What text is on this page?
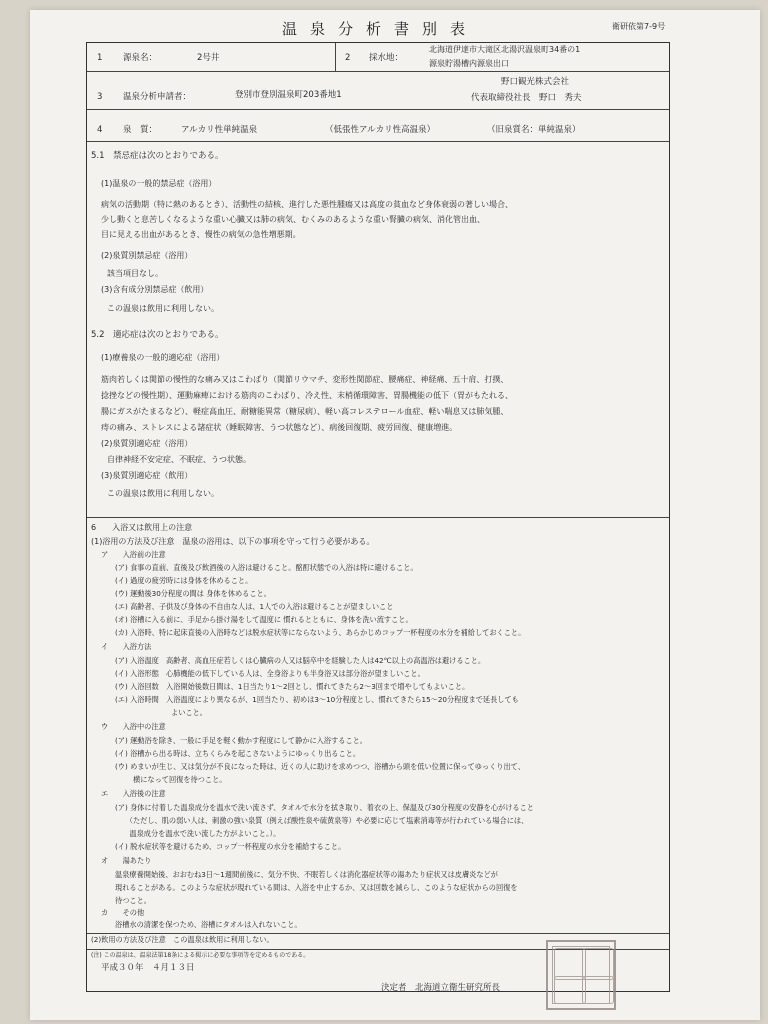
温泉分析書別表	衛研依第7-9号
1 源泉名：	2号井	2 採水地：
北海道伊達市大滝区北湯沢温泉町34番の1
源泉貯湯槽内源泉出口
3 温泉分析申請者：	登別市登別温泉町203番地1
野口観光株式会社
代表取締役社長　野口　秀夫
4 泉　質：	アルカリ性単純温泉	（低張性アルカリ性高温泉）	（旧泉質名：単純温泉）
5.1　禁忌症は次のとおりである。
(1)温泉の一般的禁忌症（浴用）
病気の活動期（特に熱のあるとき）、活動性の結核、進行した悪性腫瘍又は高度の貧血など身体衰弱の著しい場合、
少し動くと息苦しくなるような重い心臓又は肺の病気、むくみのあるような重い腎臓の病気、消化管出血、
目に見える出血があるとき、慢性の病気の急性増悪期。
(2)泉質別禁忌症（浴用）
該当項目なし。
(3)含有成分別禁忌症（飲用）
この温泉は飲用に利用しない。
5.2　適応症は次のとおりである。
(1)療養泉の一般的適応症（浴用）
筋肉若しくは関節の慢性的な痛み又はこわばり（関節リウマチ、変形性関節症、腰痛症、神経痛、五十肩、打撲、
捻挫などの慢性期）、運動麻痺における筋肉のこわばり、冷え性、末梢循環障害、胃腸機能の低下（胃がもたれる、
腸にガスがたまるなど）、軽症高血圧、耐糖能異常（糖尿病）、軽い高コレステロール血症、軽い喘息又は肺気腫、
痔の痛み、ストレスによる諸症状（睡眠障害、うつ状態など）、病後回復期、疲労回復、健康増進。
(2)泉質別適応症（浴用）
自律神経不安定症、不眠症、うつ状態。
(3)泉質別適応症（飲用）
この温泉は飲用に利用しない。
6　　入浴又は飲用上の注意
(1)浴用の方法及び注意　温泉の浴用は、以下の事項を守って行う必要がある。
ア　　入浴前の注意
(ア) 食事の直前、直後及び飲酒後の入浴は避けること。酩酊状態での入浴は特に避けること。
(イ) 過度の疲労時には身体を休めること。
(ウ) 運動後30分程度の間は 身体を休めること。
(エ) 高齢者、子供及び身体の不自由な人は、1人での入浴は避けることが望ましいこと
(オ) 浴槽に入る前に、手足から掛け湯をして温度に 慣れるとともに、身体を洗い流すこと。
(カ) 入浴時、特に起床直後の入浴時などは脱水症状等にならないよう、あらかじめコップ一杯程度の水分を補給しておくこと。
イ　　入浴方法
(ア) 入浴温度　高齢者、高血圧症若しくは心臓病の人又は脳卒中を経験した人は42℃以上の高温浴は避けること。
(イ) 入浴形態　心肺機能の低下している人は、全身浴よりも半身浴又は部分浴が望ましいこと。
(ウ) 入浴回数　入浴開始後数日間は、1日当たり1～2回とし、慣れてきたら2～3回まで増やしてもよいこと。
(エ) 入浴時間　入浴温度により異なるが、1回当たり、初めは3～10分程度とし、慣れてきたら15～20分程度まで延長しても
よいこと。
ウ　　入浴中の注意
(ア) 運動浴を除き、一般に手足を軽く動かす程度にして静かに入浴すること。
(イ) 浴槽から出る時は、立ちくらみを起こさないようにゆっくり出ること。
(ウ) めまいが生じ、又は気分が不良になった時は、近くの人に助けを求めつつ、浴槽から頭を低い位置に保ってゆっくり出て、
横になって回復を待つこと。
エ　　入浴後の注意
(ア) 身体に付着した温泉成分を温水で洗い流さず、タオルで水分を拭き取り、着衣の上、保温及び30分程度の安静を心がけること
　　（ただし、肌の弱い人は、刺激の強い泉質（例えば酸性泉や硫黄泉等）や必要に応じて塩素消毒等が行われている場合には、
　　温泉成分を温水で洗い流した方がよいこと。）。
(イ) 脱水症状等を避けるため、コップ一杯程度の水分を補給すること。
オ　　湯あたり
温泉療養開始後、おおむね3日～1週間前後に、気分不快、不眠若しくは消化器症状等の湯あたり症状又は皮膚炎などが
現れることがある。このような症状が現れている間は、入浴を中止するか、又は回数を減らし、このような症状からの回復を
待つこと。
カ　　その他
浴槽水の清潔を保つため、浴槽にタオルは入れないこと。
(2)飲用の方法及び注意　この温泉は飲用に利用しない。
(注) この温泉は、温泉法第18条による掲示に必要な事項等を定めるものである。
平成３０年　４月１３日
決定者　北海道立衛生研究所長
